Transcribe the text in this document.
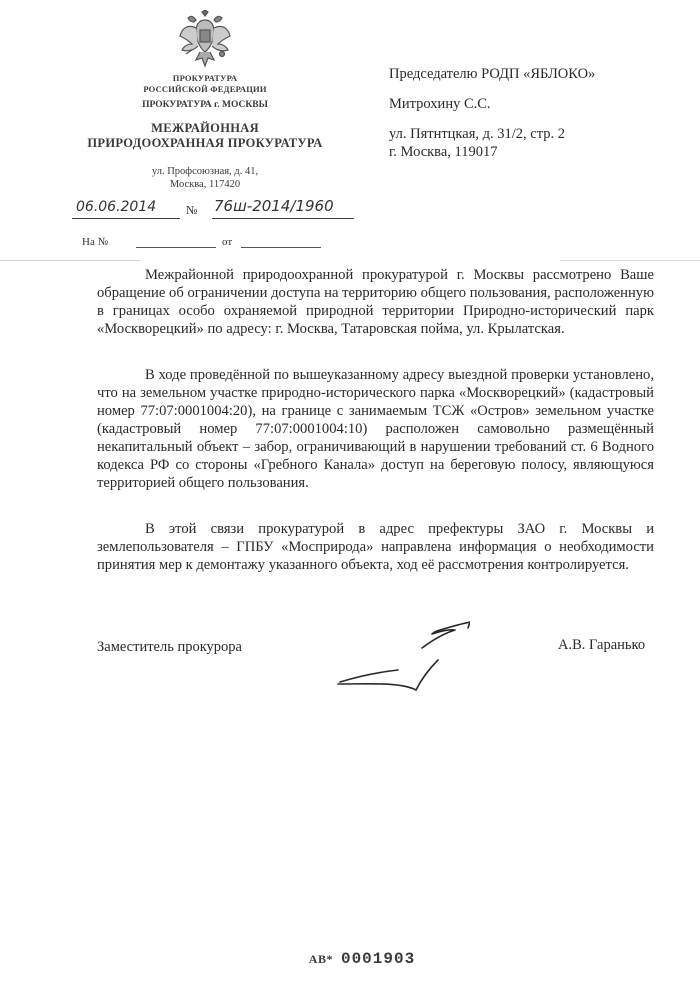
ПРОКУРАТУРА
РОССИЙСКОЙ ФЕДЕРАЦИИ
ПРОКУРАТУРА г. МОСКВЫ
МЕЖРАЙОННАЯ
ПРИРОДООХРАННАЯ ПРОКУРАТУРА
ул. Профсоюзная, д. 41,
Москва, 117420
06.06.2014 № 76ш-2014/1960
На №	от
Председателю РОДП «ЯБЛОКО»
Митрохину С.С.
ул. Пятнтцкая, д. 31/2, стр. 2
г. Москва, 119017

Межрайонной природоохранной прокуратурой г. Москвы рассмотрено Ваше обращение об ограничении доступа на территорию общего пользования, расположенную в границах особо охраняемой природной территории Природно-исторический парк «Москворецкий» по адресу: г. Москва, Татаровская пойма, ул. Крылатская.

В ходе проведённой по вышеуказанному адресу выездной проверки установлено, что на земельном участке природно-исторического парка «Москворецкий» (кадастровый номер 77:07:0001004:20), на границе с занимаемым ТСЖ «Остров» земельном участке (кадастровый номер 77:07:0001004:10) расположен самовольно размещённый некапитальный объект – забор, ограничивающий в нарушении требований ст. 6 Водного кодекса РФ со стороны «Гребного Канала» доступ на береговую полосу, являющуюся территорией общего пользования.

В этой связи прокуратурой в адрес префектуры ЗАО г. Москвы и землепользователя – ГПБУ «Мосприрода» направлена информация о необходимости принятия мер к демонтажу указанного объекта, ход её рассмотрения контролируется.

Заместитель прокурора	А.В. Гаранько
АВ* 0001903
